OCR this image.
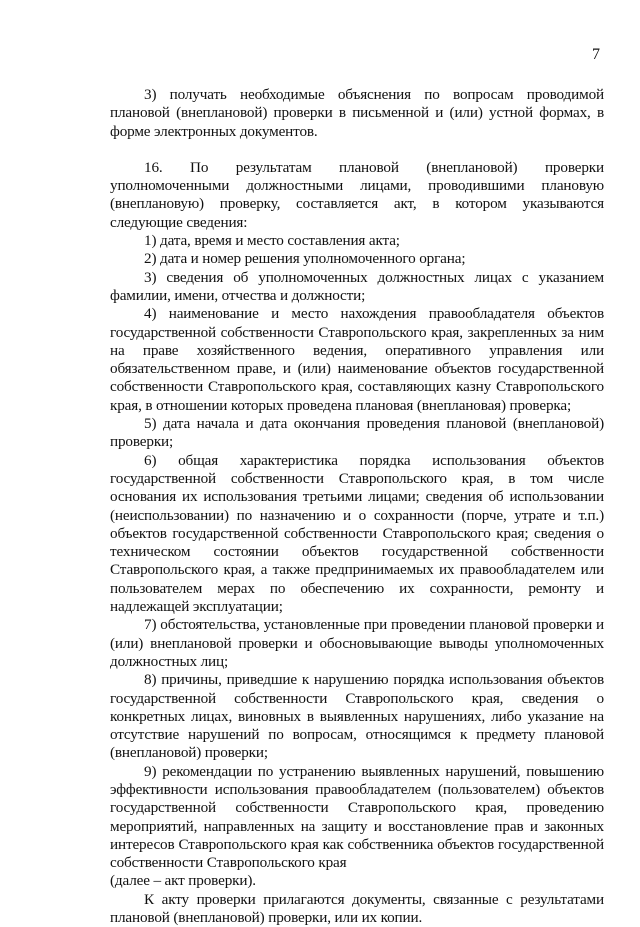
7

3) получать необходимые объяснения по вопросам проводимой плановой (внеплановой) проверки в письменной и (или) устной формах, в форме электронных документов.

16. По результатам плановой (внеплановой) проверки уполномоченными должностными лицами, проводившими плановую (внеплановую) проверку, составляется акт, в котором указываются следующие сведения:

1) дата, время и место составления акта;

2) дата и номер решения уполномоченного органа;

3) сведения об уполномоченных должностных лицах с указанием фамилии, имени, отчества и должности;

4) наименование и место нахождения правообладателя объектов государственной собственности Ставропольского края, закрепленных за ним на праве хозяйственного ведения, оперативного управления или обязательственном праве, и (или) наименование объектов государственной собственности Ставропольского края, составляющих казну Ставропольского края, в отношении которых проведена плановая (внеплановая) проверка;

5) дата начала и дата окончания проведения плановой (внеплановой) проверки;

6) общая характеристика порядка использования объектов государственной собственности Ставропольского края, в том числе основания их использования третьими лицами; сведения об использовании (неиспользовании) по назначению и о сохранности (порче, утрате и т.п.) объектов государственной собственности Ставропольского края; сведения о техническом состоянии объектов государственной собственности Ставропольского края, а также предпринимаемых их правообладателем или пользователем мерах по обеспечению их сохранности, ремонту и надлежащей эксплуатации;

7) обстоятельства, установленные при проведении плановой проверки и (или) внеплановой проверки и обосновывающие выводы уполномоченных должностных лиц;

8) причины, приведшие к нарушению порядка использования объектов государственной собственности Ставропольского края, сведения о конкретных лицах, виновных в выявленных нарушениях, либо указание на отсутствие нарушений по вопросам, относящимся к предмету плановой (внеплановой) проверки;

9) рекомендации по устранению выявленных нарушений, повышению эффективности использования правообладателем (пользователем) объектов государственной собственности Ставропольского края, проведению мероприятий, направленных на защиту и восстановление прав и законных интересов Ставропольского края как собственника объектов государственной собственности Ставропольского края

(далее – акт проверки).

К акту проверки прилагаются документы, связанные с результатами плановой (внеплановой) проверки, или их копии.
